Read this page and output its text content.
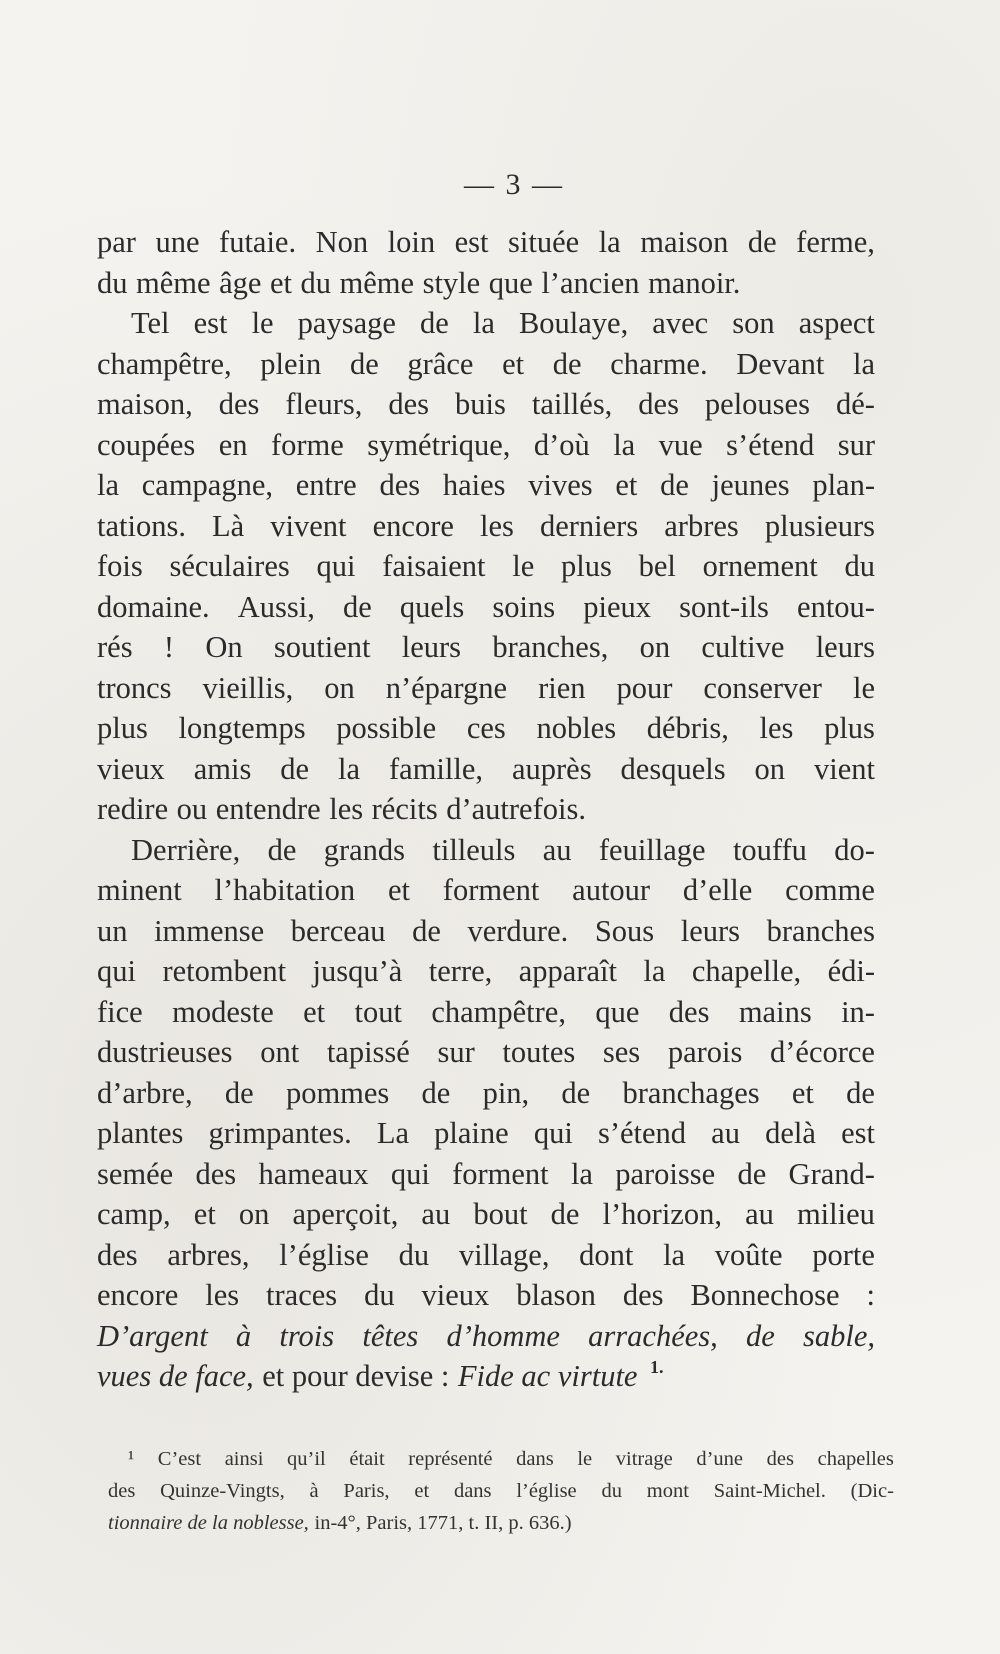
— 3 —
par une futaie. Non loin est située la maison de ferme,
du même âge et du même style que l’ancien manoir.
Tel est le paysage de la Boulaye, avec son aspect
champêtre, plein de grâce et de charme. Devant la
maison, des fleurs, des buis taillés, des pelouses dé-
coupées en forme symétrique, d’où la vue s’étend sur
la campagne, entre des haies vives et de jeunes plan-
tations. Là vivent encore les derniers arbres plusieurs
fois séculaires qui faisaient le plus bel ornement du
domaine. Aussi, de quels soins pieux sont-ils entou-
rés ! On soutient leurs branches, on cultive leurs
troncs vieillis, on n’épargne rien pour conserver le
plus longtemps possible ces nobles débris, les plus
vieux amis de la famille, auprès desquels on vient
redire ou entendre les récits d’autrefois.
Derrière, de grands tilleuls au feuillage touffu do-
minent l’habitation et forment autour d’elle comme
un immense berceau de verdure. Sous leurs branches
qui retombent jusqu’à terre, apparaît la chapelle, édi-
fice modeste et tout champêtre, que des mains in-
dustrieuses ont tapissé sur toutes ses parois d’écorce
d’arbre, de pommes de pin, de branchages et de
plantes grimpantes. La plaine qui s’étend au delà est
semée des hameaux qui forment la paroisse de Grand-
camp, et on aperçoit, au bout de l’horizon, au milieu
des arbres, l’église du village, dont la voûte porte
encore les traces du vieux blason des Bonnechose :
D’argent à trois têtes d’homme arrachées, de sable,
vues de face, et pour devise : Fide ac virtute $^{1.}$
¹ C’est ainsi qu’il était représenté dans le vitrage d’une des chapelles
des Quinze-Vingts, à Paris, et dans l’église du mont Saint-Michel. (Dic-
tionnaire de la noblesse, in-4°, Paris, 1771, t. II, p. 636.)
